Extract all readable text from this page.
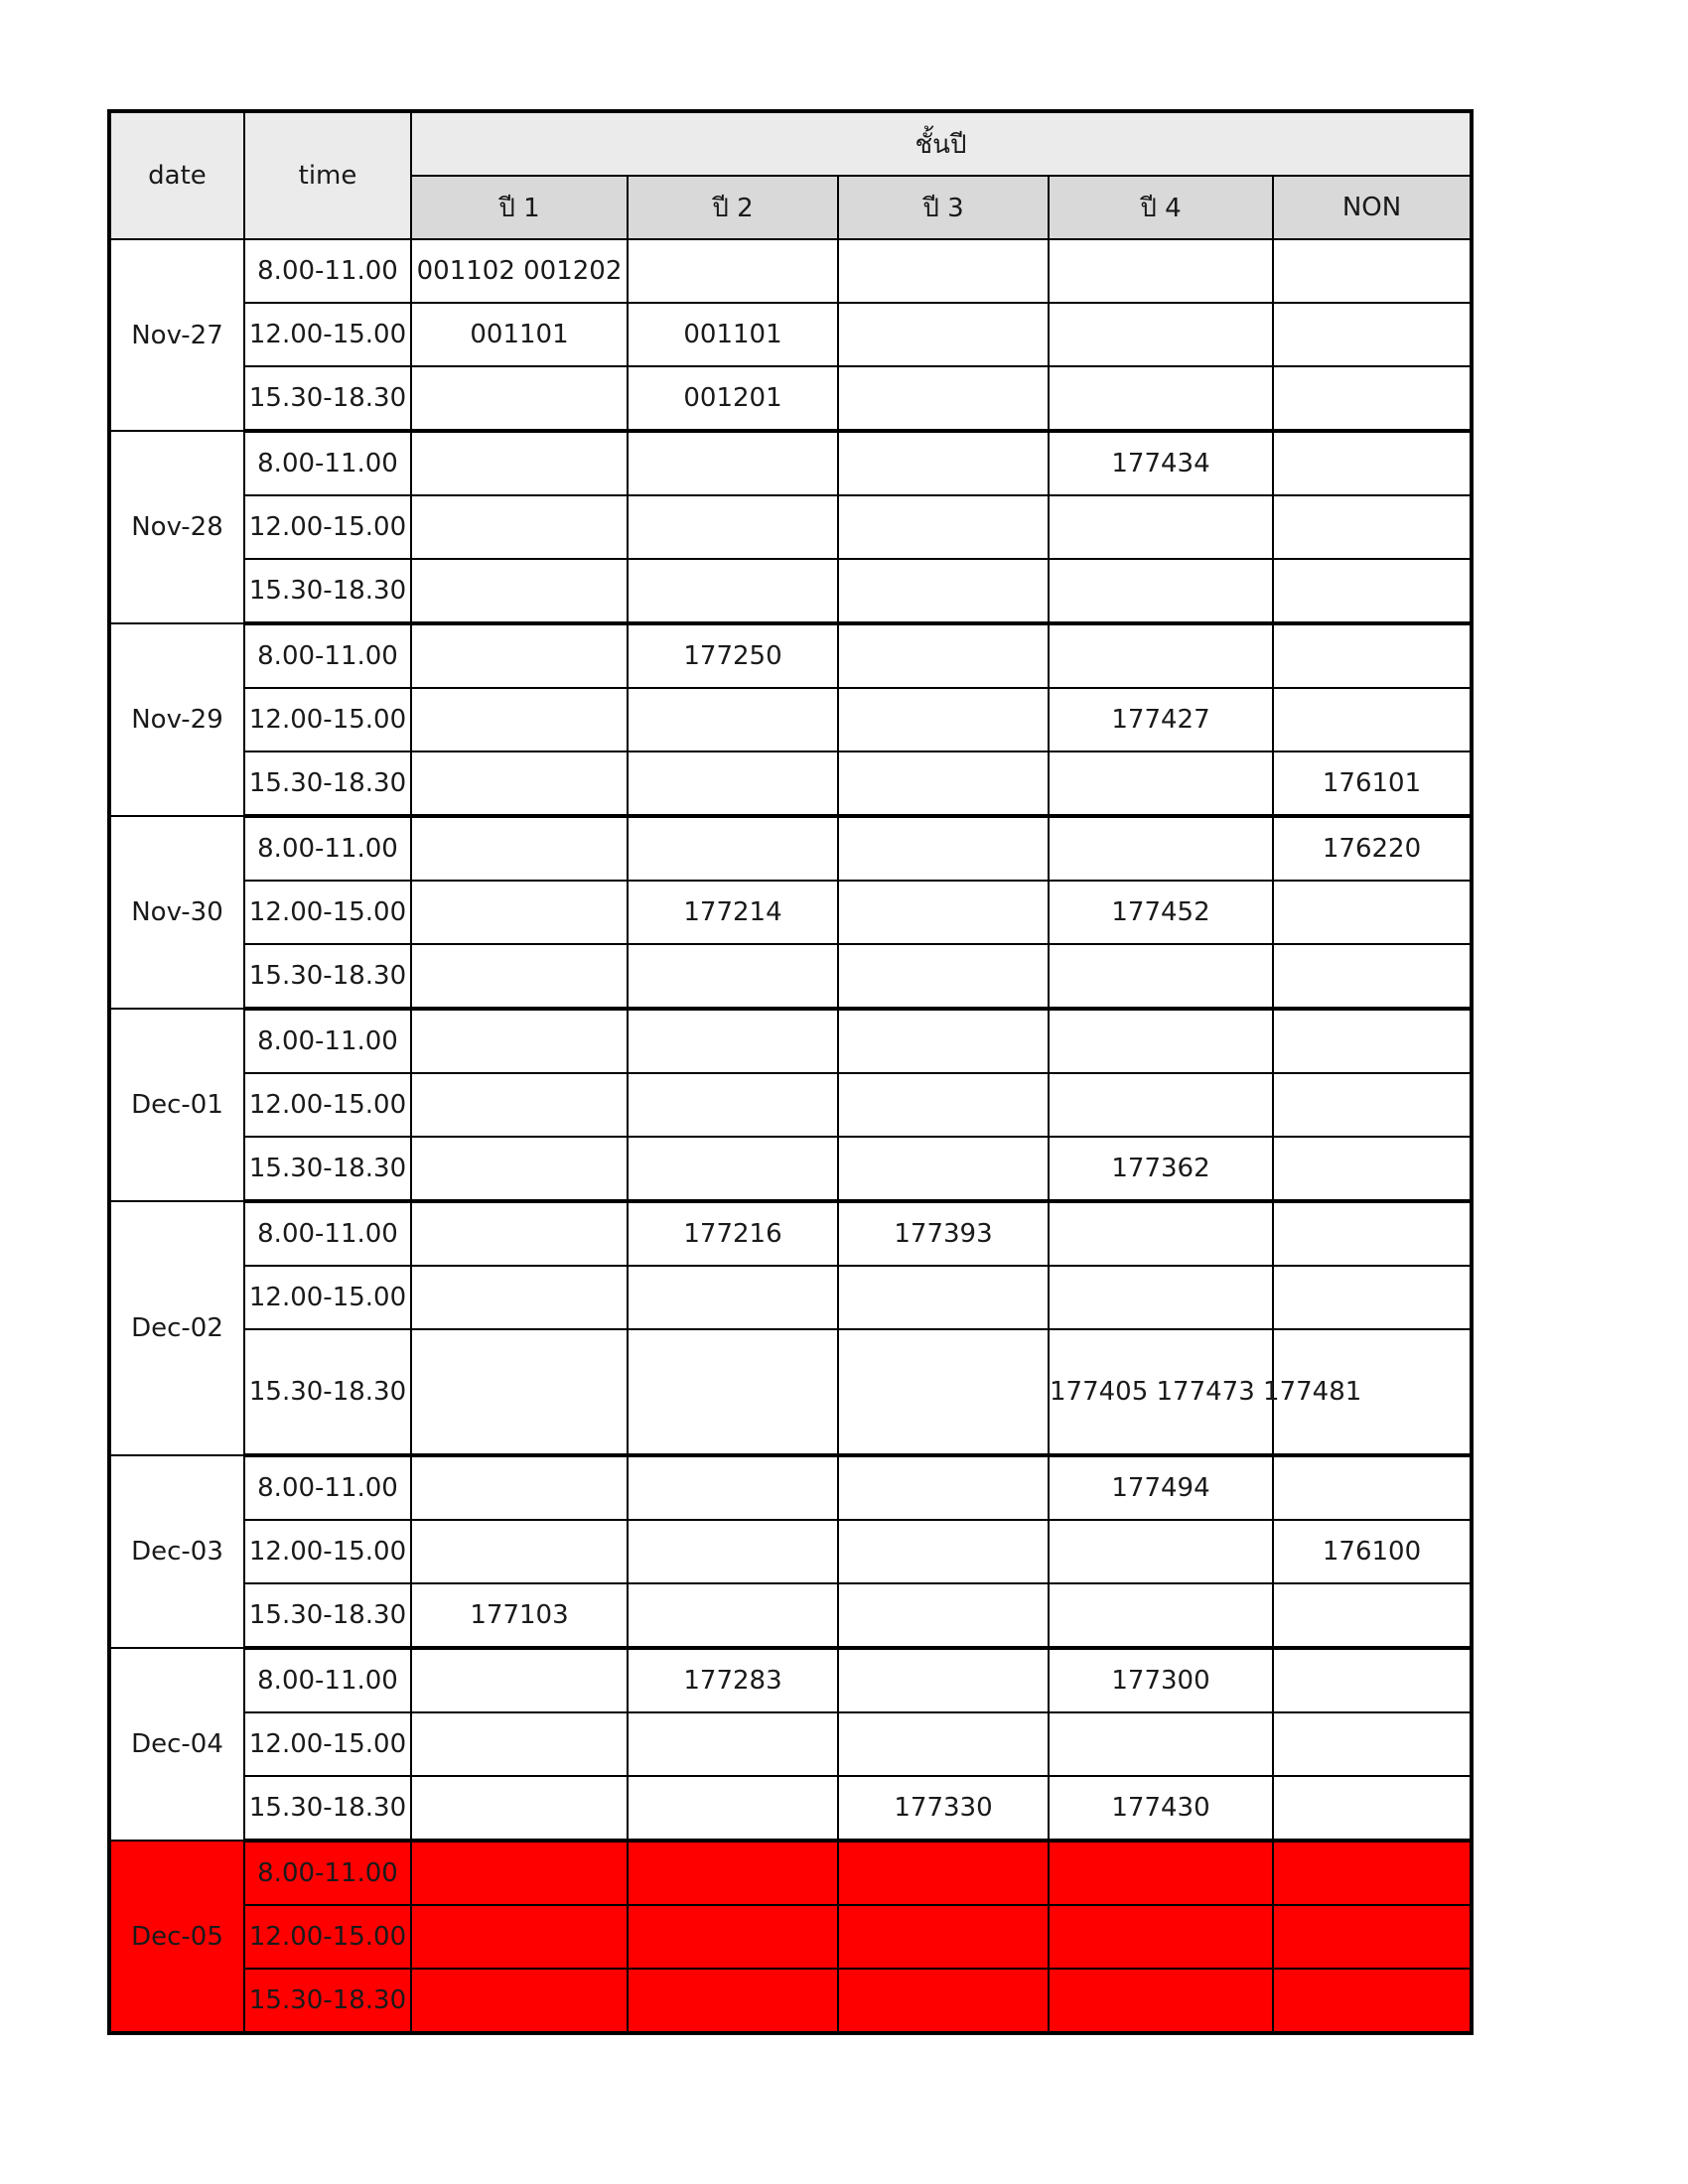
date	time	ชั้นปี				
		ปี 1	ปี 2	ปี 3	ปี 4	NON
Nov-27	8.00-11.00	001102 001202				
	12.00-15.00	001101	001101			
	15.30-18.30		001201			
Nov-28	8.00-11.00				177434	
	12.00-15.00					
	15.30-18.30					
Nov-29	8.00-11.00		177250			
	12.00-15.00				177427	
	15.30-18.30					176101
Nov-30	8.00-11.00					176220
	12.00-15.00		177214		177452	
	15.30-18.30					
Dec-01	8.00-11.00					
	12.00-15.00					
	15.30-18.30				177362	
Dec-02	8.00-11.00		177216	177393		
	12.00-15.00					
	15.30-18.30				177405 177473 177481	
Dec-03	8.00-11.00				177494	
	12.00-15.00					176100
	15.30-18.30	177103				
Dec-04	8.00-11.00		177283		177300	
	12.00-15.00					
	15.30-18.30			177330	177430	
Dec-05	8.00-11.00					
	12.00-15.00					
	15.30-18.30					
